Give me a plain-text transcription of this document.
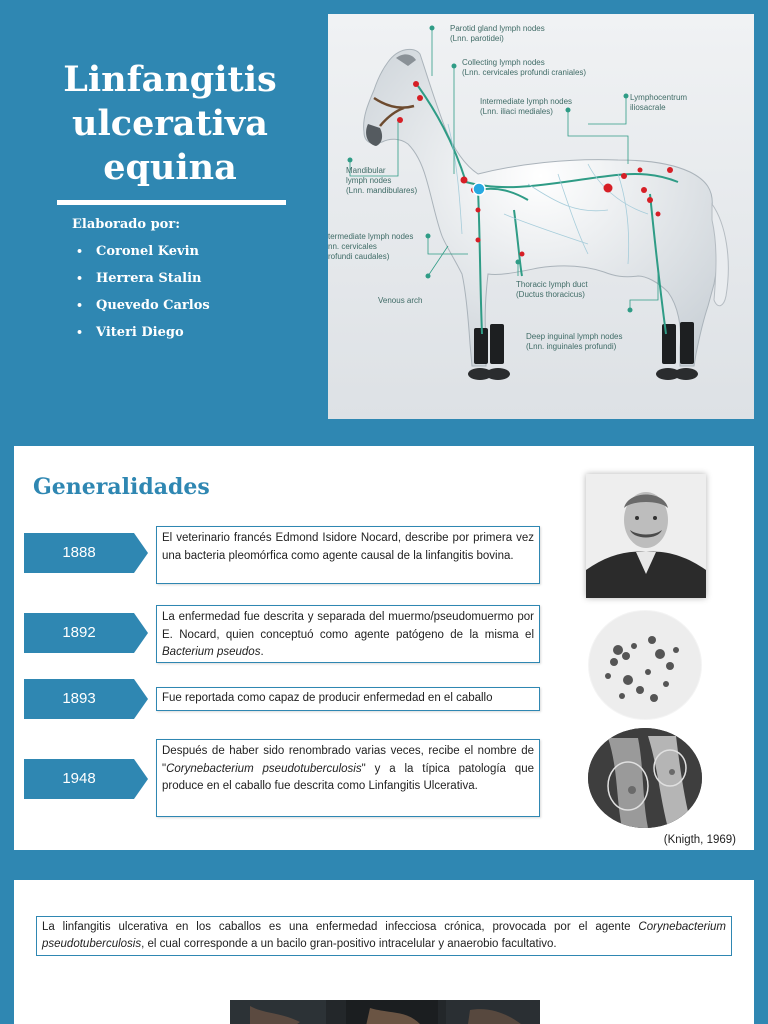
Linfangitis
ulcerativa
equina
Elaborado por:
• Coronel Kevin
• Herrera Stalin
• Quevedo Carlos
• Viteri Diego
Parotid gland lymph nodes
(Lnn. parotidei)
Collecting lymph nodes
(Lnn. cervicales profundi craniales)
Intermediate lymph nodes
(Lnn. iliaci mediales)
Lymphocentrum
iliosacrale
Mandibular
lymph nodes
(Lnn. mandibulares)
termediate lymph nodes
nn. cervicales
rofundi caudales)
Thoracic lymph duct
(Ductus thoracicus)
Venous arch
Deep inguinal lymph nodes
(Lnn. inguinales profundi)
Generalidades
1888
El veterinario francés Edmond Isidore Nocard, describe por primera vez una bacteria pleomórfica como agente causal de la linfangitis bovina.
1892
La enfermedad fue descrita y separada del muermo/pseudomuermo por E. Nocard, quien conceptuó como agente patógeno de la misma el Bacterium pseudos.
1893	Fue reportada como capaz de producir enfermedad en el caballo
1948
Después de haber sido renombrado varias veces, recibe el nombre de "Corynebacterium pseudotuberculosis" y a la típica patología que produce en el caballo fue descrita como Linfangitis Ulcerativa.
(Knigth, 1969)
La linfangitis ulcerativa en los caballos es una enfermedad infecciosa crónica, provocada por el agente Corynebacterium pseudotuberculosis, el cual corresponde a un bacilo gran-positivo intracelular y anaerobio facultativo.
